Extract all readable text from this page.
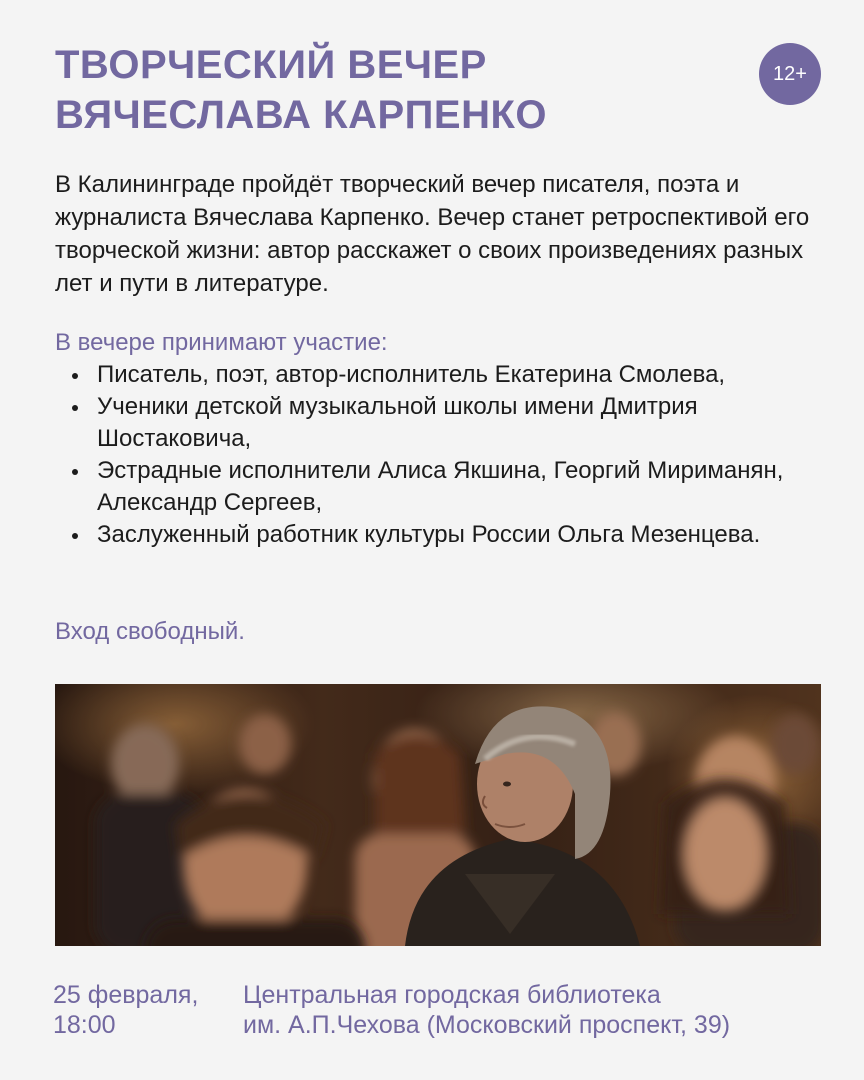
ТВОРЧЕСКИЙ ВЕЧЕР
ВЯЧЕСЛАВА КАРПЕНКО
12+

В Калининграде пройдёт творческий вечер писателя, поэта и журналиста Вячеслава Карпенко. Вечер станет ретроспективой его творческой жизни: автор расскажет о своих произведениях разных лет и пути в литературе.

В вечере принимают участие:

Писатель, поэт, автор-исполнитель Екатерина Смолева,
Ученики детской музыкальной школы имени Дмитрия Шостаковича,
Эстрадные исполнители Алиса Якшина, Георгий Мириманян, Александр Сергеев,
Заслуженный работник культуры России Ольга Мезенцева.

Вход свободный.

25 февраля,
18:00
Центральная городская библиотека
им. А.П.Чехова (Московский проспект, 39)
